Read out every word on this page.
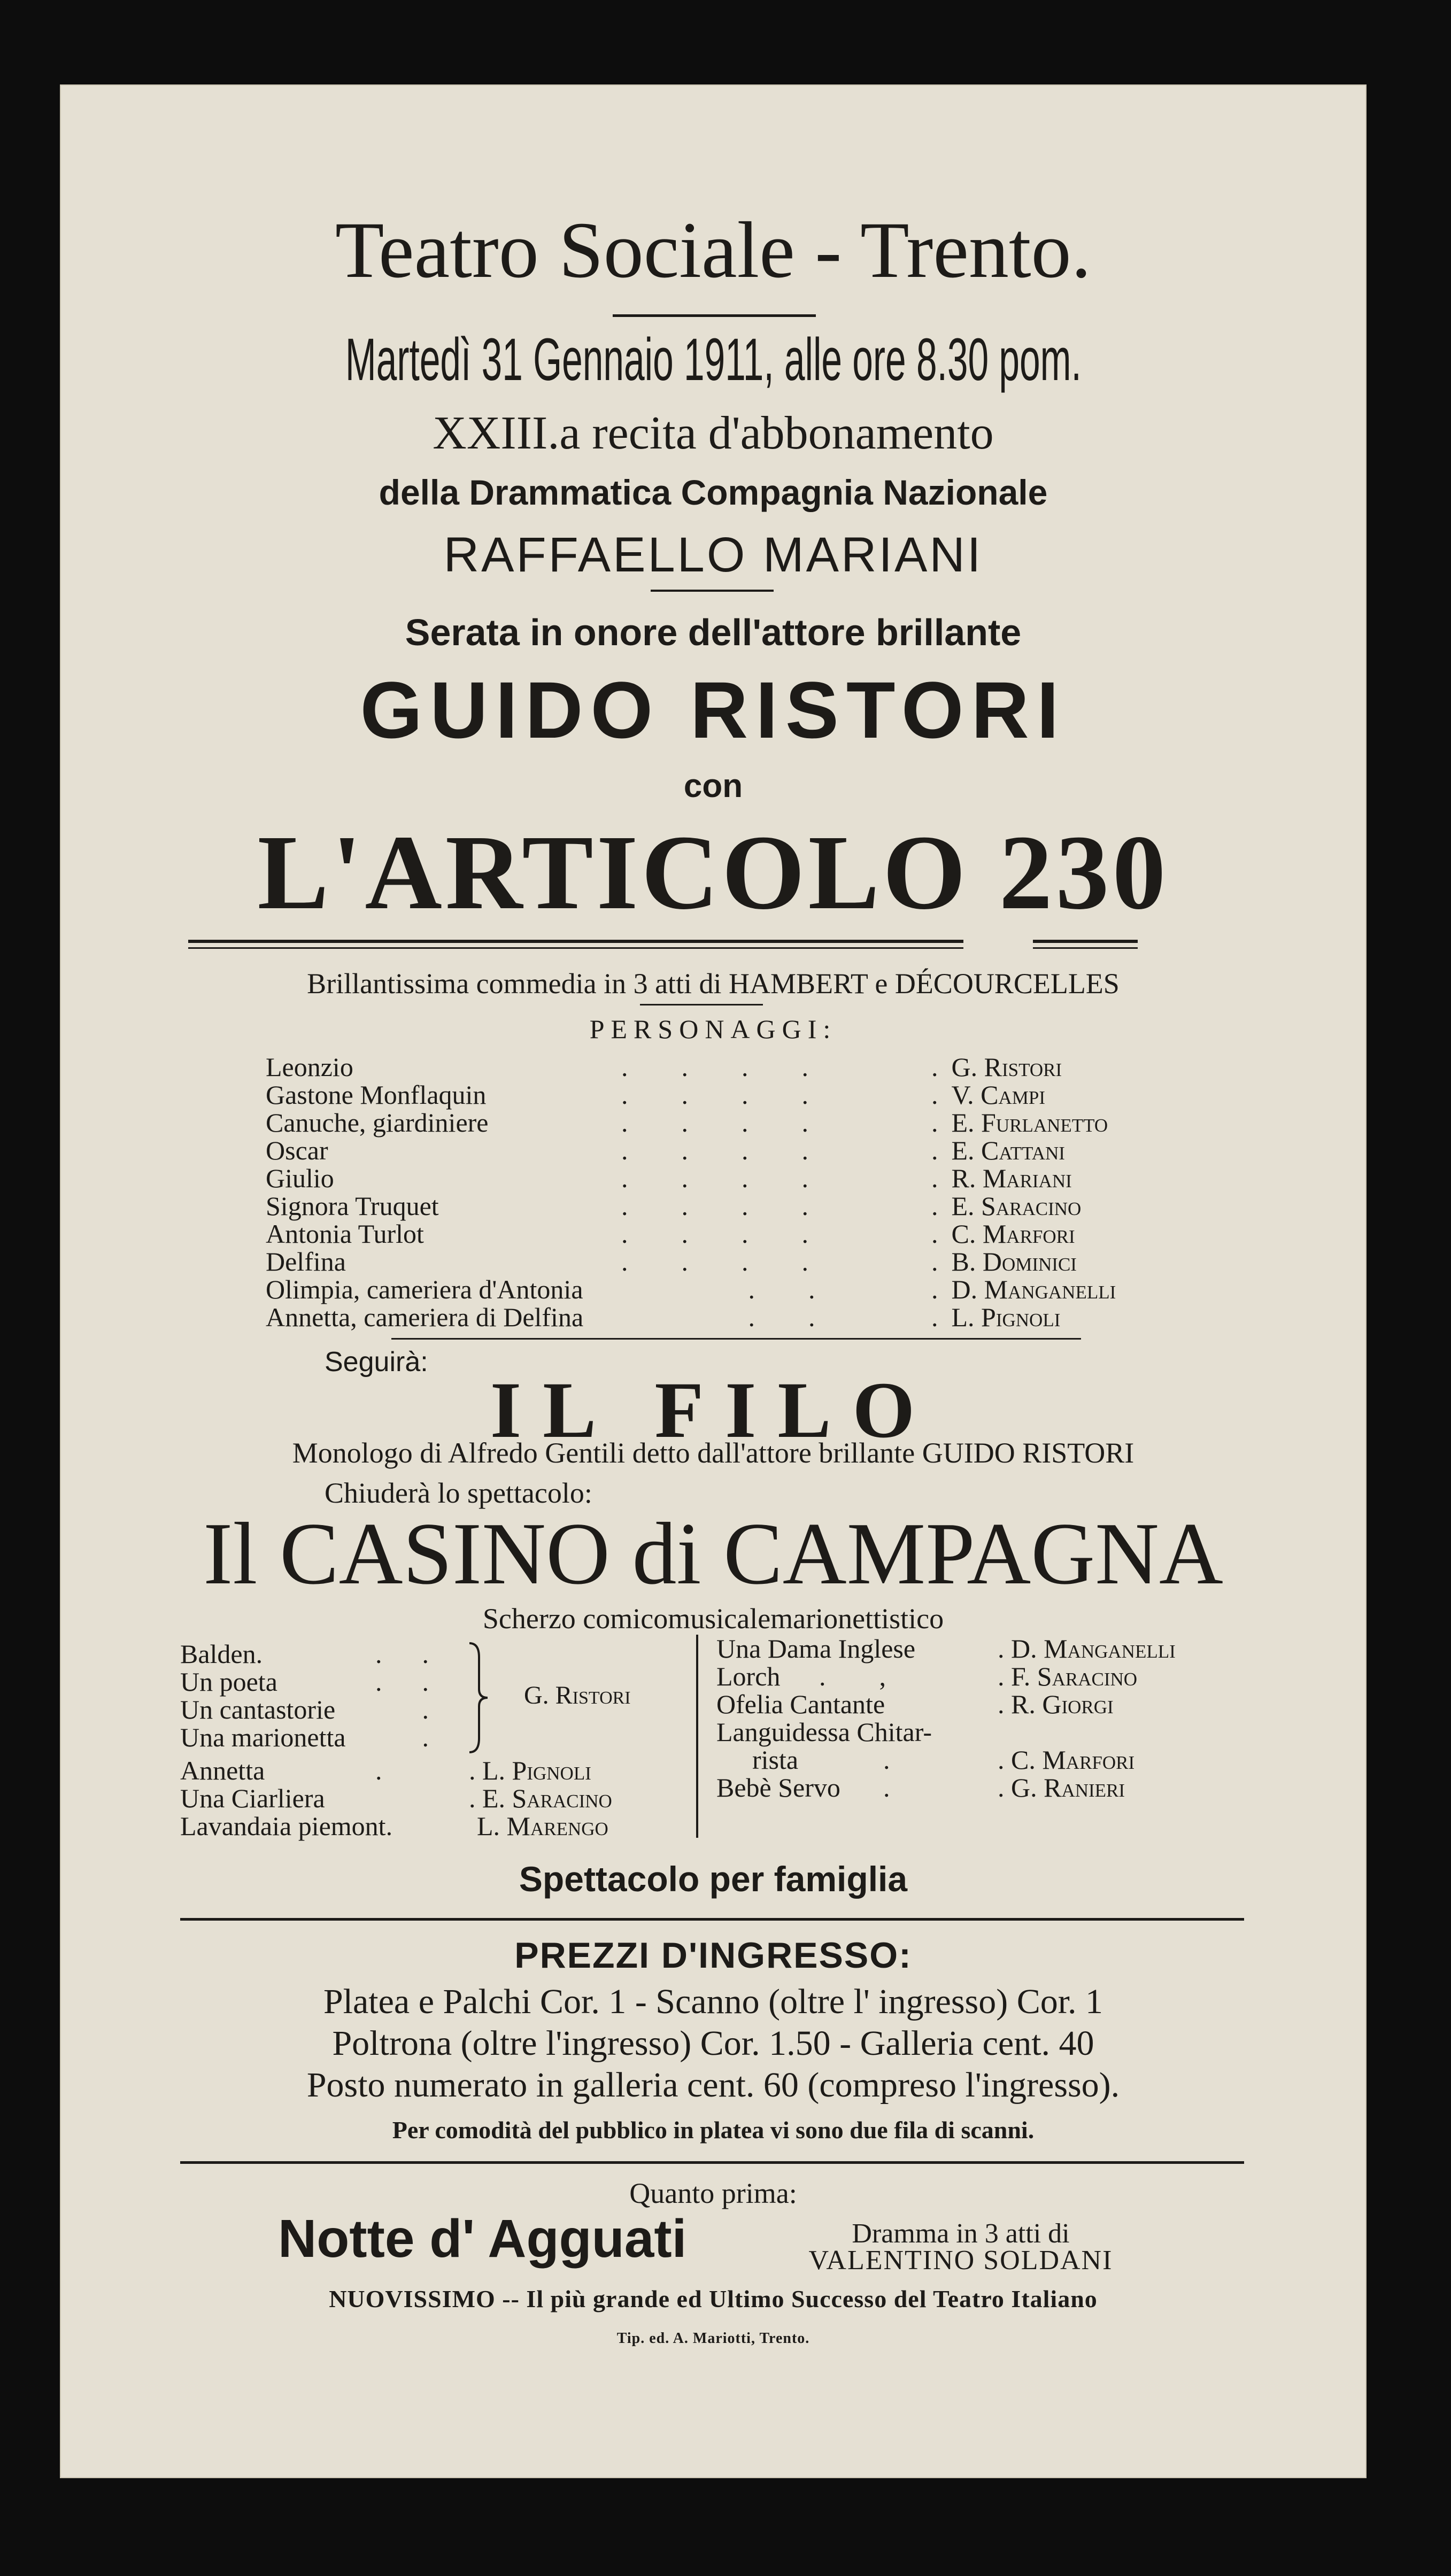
Teatro Sociale - Trento.
Martedì 31 Gennaio 1911, alle ore 8.30 pom.
XXIII.a recita d'abbonamento
della Drammatica Compagnia Nazionale
RAFFAELLO MARIANI
Serata in onore dell'attore brillante
GUIDO RISTORI
con
L'ARTICOLO 230
Brillantissima commedia in 3 atti di HAMBERT e DÉCOURCELLES
PERSONAGGI:
Leonzio	.  G. Ristori
Gastone Monflaquin	.  V. Campi
Canuche, giardiniere	.  E. Furlanetto
Oscar	.  E. Cattani
Giulio	.  R. Mariani
Signora Truquet	.  E. Saracino
Antonia Turlot	.  C. Marfori
Delfina	.  B. Dominici
Olimpia, cameriera d'Antonia	.  D. Manganelli
Annetta, cameriera di Delfina	.  L. Pignoli
.        .        .        .
.        .        .        .
.        .        .        .
.        .        .        .
.        .        .        .
.        .        .        .
.        .        .        .
.        .        .        .
.        .
.        .
Seguirà:
IL FILO
Monologo di Alfredo Gentili detto dall'attore brillante GUIDO RISTORI
Chiuderà lo spettacolo:
Il CASINO di CAMPAGNA
Scherzo comicomusicalemarionettistico
Balden.
Un poeta
Un cantastorie
Una marionetta
.      .
.      .
.
.
G. Ristori
Annetta	.	. L. Pignoli
Una Ciarliera	. E. Saracino
Lavandaia piemont.	L. Marengo
Una Dama Inglese	. D. Manganelli
Lorch .        ,	. F. Saracino
Ofelia Cantante	. R. Giorgi
Languidessa Chitar-
rista	.	. C. Marfori
Bebè Servo .	. G. Ranieri
Spettacolo per famiglia
PREZZI D'INGRESSO:
Platea e Palchi Cor. 1 - Scanno (oltre l' ingresso) Cor. 1
Poltrona (oltre l'ingresso) Cor. 1.50 - Galleria cent. 40
Posto numerato in galleria cent. 60 (compreso l'ingresso).
Per comodità del pubblico in platea vi sono due fila di scanni.
Quanto prima:
Notte d' Agguati	Dramma in 3 atti di
VALENTINO SOLDANI
NUOVISSIMO -- Il più grande ed Ultimo Successo del Teatro Italiano
Tip. ed. A. Mariotti, Trento.
